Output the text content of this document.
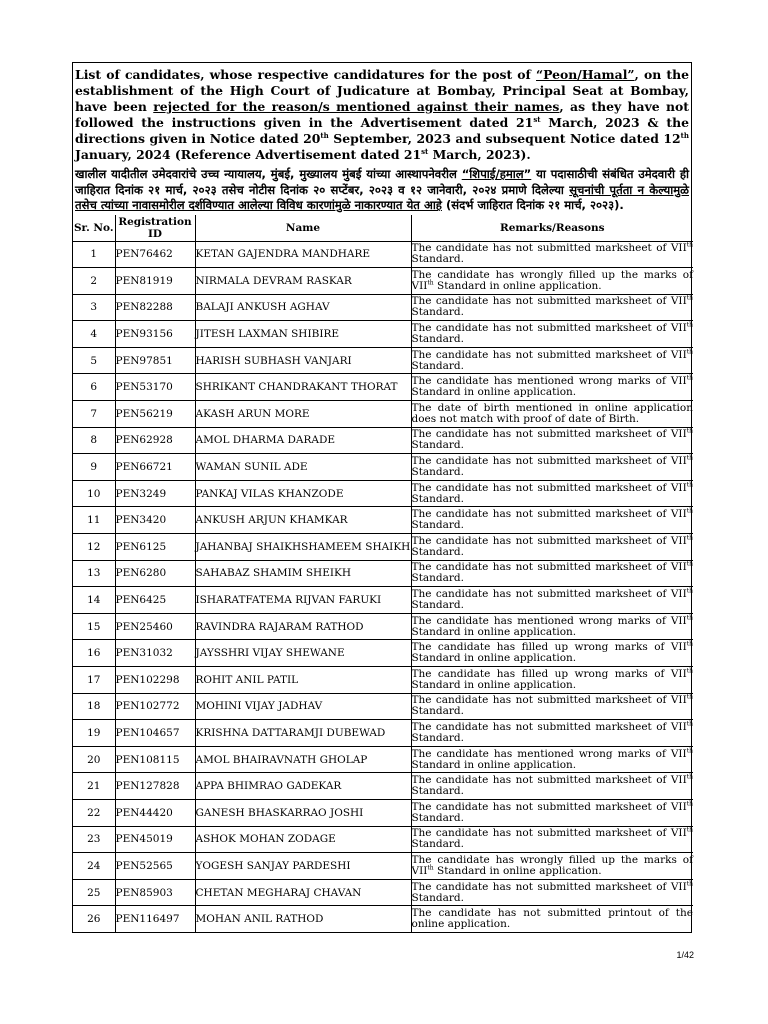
List of candidates, whose respective candidatures for the post of “Peon/Hamal”, on the establishment of the High Court of Judicature at Bombay, Principal Seat at Bombay, have been rejected for the reason/s mentioned against their names, as they have not followed the instructions given in the Advertisement dated 21st March, 2023 & the directions given in Notice dated 20th September, 2023 and subsequent Notice dated 12th January, 2024 (Reference Advertisement dated 21st March, 2023).

खालील यादीतील उमेदवारांचे उच्च न्यायालय, मुंबई, मुख्यालय मुंबई यांच्या आस्थापनेवरील “शिपाई/हमाल” या पदासाठीची संबंधित उमेदवारी ही जाहिरात दिनांक २१ मार्च, २०२३ तसेच नोटीस दिनांक २० सप्टेंबर, २०२३ व १२ जानेवारी, २०२४ प्रमाणे दिलेल्या सूचनांची पूर्तता न केल्यामुळे तसेच त्यांच्या नावासमोरील दर्शविण्यात आलेल्या विविध कारणांमुळे नाकारण्यात येत आहे (संदर्भ जाहिरात दिनांक २१ मार्च, २०२३).
Sr. No.	Registration ID	Name	Remarks/Reasons
1	PEN76462	KETAN GAJENDRA MANDHARE	The candidate has not submitted marksheet of VIIth Standard.
2	PEN81919	NIRMALA DEVRAM RASKAR	The candidate has wrongly filled up the marks of VIIth Standard in online application.
3	PEN82288	BALAJI ANKUSH AGHAV	The candidate has not submitted marksheet of VIIth Standard.
4	PEN93156	JITESH LAXMAN SHIBIRE	The candidate has not submitted marksheet of VIIth Standard.
5	PEN97851	HARISH SUBHASH VANJARI	The candidate has not submitted marksheet of VIIth Standard.
6	PEN53170	SHRIKANT CHANDRAKANT THORAT	The candidate has mentioned wrong marks of VIIth Standard in online application.
7	PEN56219	AKASH ARUN MORE	The date of birth mentioned in online application does not match with proof of date of Birth.
8	PEN62928	AMOL DHARMA DARADE	The candidate has not submitted marksheet of VIIth Standard.
9	PEN66721	WAMAN SUNIL ADE	The candidate has not submitted marksheet of VIIth Standard.
10	PEN3249	PANKAJ VILAS KHANZODE	The candidate has not submitted marksheet of VIIth Standard.
11	PEN3420	ANKUSH ARJUN KHAMKAR	The candidate has not submitted marksheet of VIIth Standard.
12	PEN6125	JAHANBAJ SHAIKHSHAMEEM SHAIKH	The candidate has not submitted marksheet of VIIth Standard.
13	PEN6280	SAHABAZ SHAMIM SHEIKH	The candidate has not submitted marksheet of VIIth Standard.
14	PEN6425	ISHARATFATEMA RIJVAN FARUKI	The candidate has not submitted marksheet of VIIth Standard.
15	PEN25460	RAVINDRA RAJARAM RATHOD	The candidate has mentioned wrong marks of VIIth Standard in online application.
16	PEN31032	JAYSSHRI VIJAY SHEWANE	The candidate has filled up wrong marks of VIIth Standard in online application.
17	PEN102298	ROHIT ANIL PATIL	The candidate has filled up wrong marks of VIIth Standard in online application.
18	PEN102772	MOHINI VIJAY JADHAV	The candidate has not submitted marksheet of VIIth Standard.
19	PEN104657	KRISHNA DATTARAMJI DUBEWAD	The candidate has not submitted marksheet of VIIth Standard.
20	PEN108115	AMOL BHAIRAVNATH GHOLAP	The candidate has mentioned wrong marks of VIIth Standard in online application.
21	PEN127828	APPA BHIMRAO GADEKAR	The candidate has not submitted marksheet of VIIth Standard.
22	PEN44420	GANESH BHASKARRAO JOSHI	The candidate has not submitted marksheet of VIIth Standard.
23	PEN45019	ASHOK MOHAN ZODAGE	The candidate has not submitted marksheet of VIIth Standard.
24	PEN52565	YOGESH SANJAY PARDESHI	The candidate has wrongly filled up the marks of VIIth Standard in online application.
25	PEN85903	CHETAN MEGHARAJ CHAVAN	The candidate has not submitted marksheet of VIIth Standard.
26	PEN116497	MOHAN ANIL RATHOD	The candidate has not submitted printout of the online application.
1/42
